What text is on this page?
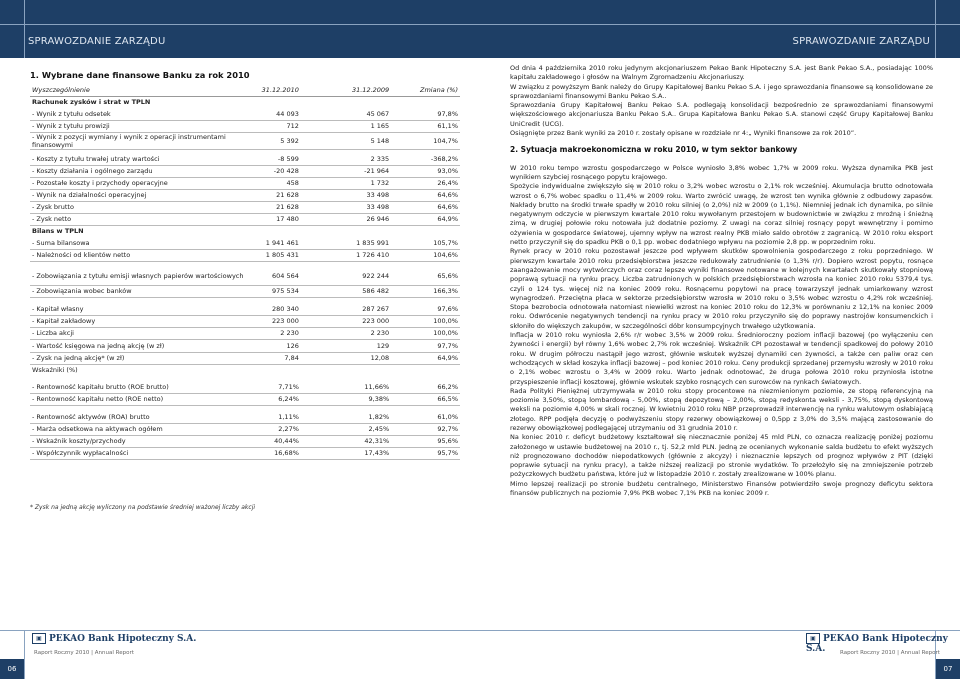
SPRAWOZDANIE ZARZĄDU	SPRAWOZDANIE ZARZĄDU
1. Wybrane dane finansowe Banku za rok 2010
Wyszczególnienie	31.12.2010	31.12.2009	Zmiana (%)
Rachunek zysków i strat w TPLN			
- Wynik z tytułu odsetek	44 093	45 067	97,8%
- Wynik z tytułu prowizji	712	1 165	61,1%
- Wynik z pozycji wymiany i wynik z operacji instrumentami finansowymi	5 392	5 148	104,7%

- Koszty z tytułu trwałej utraty wartości	-8 599	2 335	-368,2%
- Koszty działania i ogólnego zarządu	-20 428	-21 964	93,0%
- Pozostałe koszty i przychody operacyjne	458	1 732	26,4%
- Wynik na działalności operacyjnej	21 628	33 498	64,6%
- Zysk brutto	21 628	33 498	64,6%
- Zysk netto	17 480	26 946	64,9%
Bilans w TPLN			
- Suma bilansowa	1 941 461	1 835 991	105,7%
- Należności od klientów netto	1 805 431	1 726 410	104,6%

- Zobowiązania z tytułu emisji własnych papierów wartościowych	604 564	922 244	65,6%
- Zobowiązania wobec banków	975 534	586 482	166,3%

- Kapitał własny	280 340	287 267	97,6%
- Kapitał zakładowy	223 000	223 000	100,0%
- Liczba akcji	2 230	2 230	100,0%
- Wartość księgowa na jedną akcję (w zł)	126	129	97,7%
- Zysk na jedną akcję* (w zł)	7,84	12,08	64,9%
Wskaźniki (%)			

- Rentowność kapitału brutto (ROE brutto)	7,71%	11,66%	66,2%
- Rentowność kapitału netto (ROE netto)	6,24%	9,38%	66,5%

- Rentowność aktywów (ROA) brutto	1,11%	1,82%	61,0%
- Marża odsetkowa na aktywach ogółem	2,27%	2,45%	92,7%
- Wskaźnik koszty/przychody	40,44%	42,31%	95,6%
- Współczynnik wypłacalności	16,68%	17,43%	95,7%
* Zysk na jedną akcję wyliczony na podstawie średniej ważonej liczby akcji

Od dnia 4 października 2010 roku jedynym akcjonariuszem Pekao Bank Hipoteczny S.A. jest Bank Pekao S.A., posiadając 100% kapitału zakładowego i głosów na Walnym Zgromadzeniu Akcjonariuszy.

W związku z powyższym Bank należy do Grupy Kapitałowej Banku Pekao S.A. i jego sprawozdania finansowe są konsolidowane ze sprawozdaniami finansowymi Banku Pekao S.A..

Sprawozdania Grupy Kapitałowej Banku Pekao S.A. podlegają konsolidacji bezpośrednio ze sprawozdaniami finansowymi większościowego akcjonariusza Banku Pekao S.A.. Grupa Kapitałowa Banku Pekao S.A. stanowi część Grupy Kapitałowej Banku UniCredit (UCG).

Osiągnięte przez Bank wyniki za 2010 r. zostały opisane w rozdziale nr 4:„ Wyniki finansowe za rok 2010”.

2. Sytuacja makroekonomiczna w roku 2010, w tym sektor bankowy

W 2010 roku tempo wzrostu gospodarczego w Polsce wyniosło 3,8% wobec 1,7% w 2009 roku. Wyższa dynamika PKB jest wynikiem szybciej rosnącego popytu krajowego.

Spożycie indywidualne zwiększyło się w 2010 roku o 3,2% wobec wzrostu o 2,1% rok wcześniej. Akumulacja brutto odnotowała wzrost o 6,7% wobec spadku o 11,4% w 2009 roku. Warto zwrócić uwagę, że wzrost ten wynika głównie z odbudowy zapasów. Nakłady brutto na środki trwałe spadły w 2010 roku silniej (o 2,0%) niż w 2009 (o 1,1%). Niemniej jednak ich dynamika, po silnie negatywnym odczycie w pierwszym kwartale 2010 roku wywołanym przestojem w budownictwie w związku z mroźną i śnieżną zimą, w drugiej połowie roku notowała już dodatnie poziomy. Z uwagi na coraz silniej rosnący popyt wewnętrzny i pomimo ożywienia w gospodarce światowej, ujemny wpływ na wzrost realny PKB miało saldo obrotów z zagranicą. W 2010 roku eksport netto przyczynił się do spadku PKB o 0,1 pp. wobec dodatniego wpływu na poziomie 2,8 pp. w poprzednim roku.

Rynek pracy w 2010 roku pozostawał jeszcze pod wpływem skutków spowolnienia gospodarczego z roku poprzedniego. W pierwszym kwartale 2010 roku przedsiębiorstwa jeszcze redukowały zatrudnienie (o 1,3% r/r). Dopiero wzrost popytu, rosnące zaangażowanie mocy wytwórczych oraz coraz lepsze wyniki finansowe notowane w kolejnych kwartałach skutkowały stopniową poprawą sytuacji na rynku pracy. Liczba zatrudnionych w polskich przedsiębiorstwach wzrosła na koniec 2010 roku 5379,4 tys. czyli o 124 tys. więcej niż na koniec 2009 roku. Rosnącemu popytowi na pracę towarzyszył jednak umiarkowany wzrost wynagrodzeń. Przeciętna płaca w sektorze przedsiębiorstw wzrosła w 2010 roku o 3,5% wobec wzrostu o 4,2% rok wcześniej. Stopa bezrobocia odnotowała natomiast niewielki wzrost na koniec 2010 roku do 12,3% w porównaniu z 12,1% na koniec 2009 roku. Odwrócenie negatywnych tendencji na rynku pracy w 2010 roku przyczyniło się do poprawy nastrojów konsumenckich i skłoniło do większych zakupów, w szczególności dóbr konsumpcyjnych trwałego użytkowania.

Inflacja w 2010 roku wyniosła 2,6% r/r wobec 3,5% w 2009 roku. Średnioroczny poziom inflacji bazowej (po wyłączeniu cen żywności i energii) był równy 1,6% wobec 2,7% rok wcześniej. Wskaźnik CPI pozostawał w tendencji spadkowej do połowy 2010 roku. W drugim półroczu nastąpił jego wzrost, głównie wskutek wyższej dynamiki cen żywności, a także cen paliw oraz cen wchodzących w skład koszyka inflacji bazowej – pod koniec 2010 roku. Ceny produkcji sprzedanej przemysłu wzrosły w 2010 roku o 2,1% wobec wzrostu o 3,4% w 2009 roku. Warto jednak odnotować, że druga połowa 2010 roku przyniosła istotne przyspieszenie inflacji kosztowej, głównie wskutek szybko rosnących cen surowców na rynkach światowych.

Rada Polityki Pieniężnej utrzymywała w 2010 roku stopy procentowe na niezmienionym poziomie, ze stopą referencyjną na poziomie 3,50%, stopą lombardową - 5,00%, stopą depozytową – 2,00%, stopą redyskonta weksli - 3,75%, stopą dyskontową weksli na poziomie 4,00% w skali rocznej. W kwietniu 2010 roku NBP przeprowadził interwencję na rynku walutowym osłabiającą złotego. RPP podjęła decyzję o podwyższeniu stopy rezerwy obowiązkowej o 0,5pp z 3,0% do 3,5% mającą zastosowanie do rezerwy obowiązkowej podlegającej utrzymaniu od 31 grudnia 2010 r.

Na koniec 2010 r. deficyt budżetowy kształtował się niecznacznie poniżej 45 mld PLN, co oznacza realizację poniżej poziomu założonego w ustawie budżetowej na 2010 r., tj. 52,2 mld PLN. Jedną ze ocenianych wykonanie salda budżetu to efekt wyższych niż prognozowano dochodów niepodatkowych (głównie z akcyzy) i nieznacznie lepszych od prognoz wpływów z PIT (dzięki poprawie sytuacji na rynku pracy), a także niższej realizacji po stronie wydatków. To przełożyło się na zmniejszenie potrzeb pożyczkowych budżetu państwa, które już w listopadzie 2010 r. zostały zrealizowane w 100% planu.

Mimo lepszej realizacji po stronie budżetu centralnego, Ministerstwo Finansów potwierdziło swoje prognozy deficytu sektora finansów publicznych na poziomie 7,9% PKB wobec 7,1% PKB na koniec 2009 r.

▣ PEKAO Bank Hipoteczny S.A.
Raport Roczny 2010 | Annual Report
06
▣ PEKAO Bank Hipoteczny S.A.	Raport Roczny 2010 | Annual Report
07
